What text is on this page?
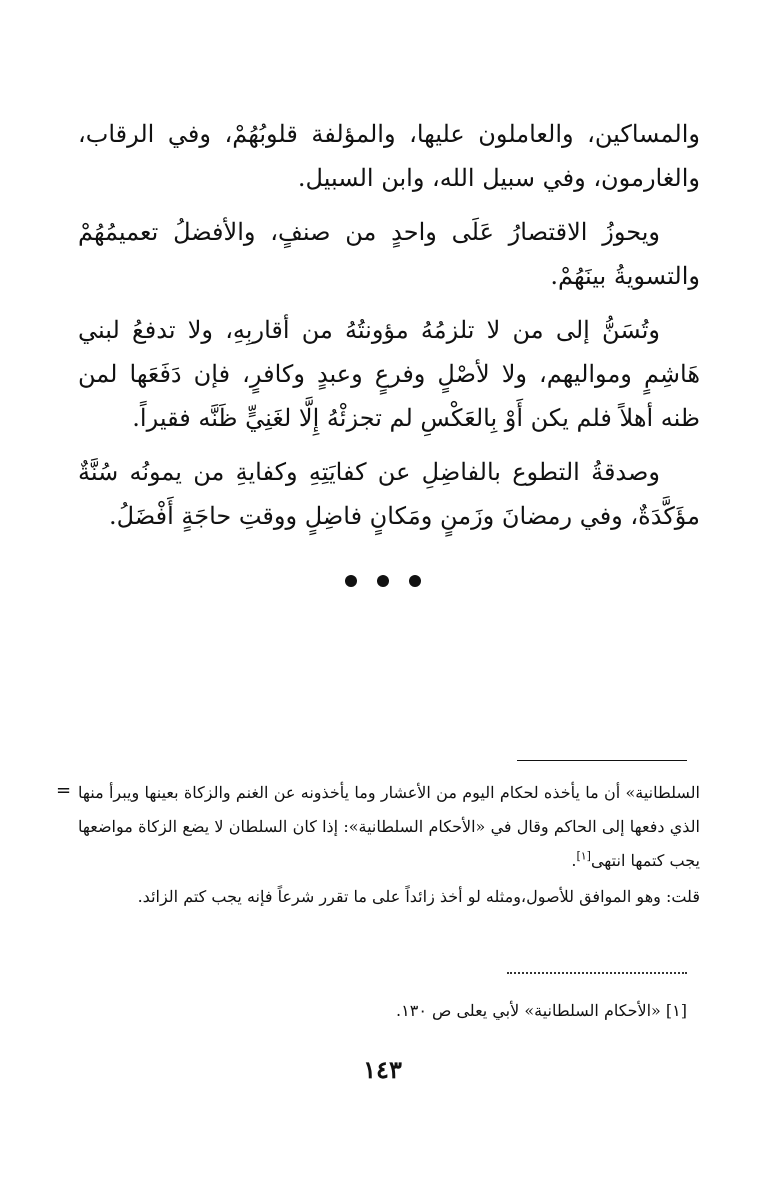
والمساكين، والعاملون عليها، والمؤلفة قلوبُهُمْ، وفي الرقاب، والغارمون، وفي سبيل الله، وابن السبيل.

ويحوزُ الاقتصارُ عَلَى واحدٍ من صنفٍ، والأفضلُ تعميمُهُمْ والتسويةُ بينَهُمْ.

وتُسَنُّ إلى من لا تلزمُهُ مؤونتُهُ من أقاربِهِ، ولا تدفعُ لبني هَاشِمٍ ومواليهم، ولا لأصْلٍ وفرعٍ وعبدٍ وكافرٍ، فإن دَفَعَها لمن ظنه أهلاً فلم يكن أَوْ بِالعَكْسِ لم تجزئْهُ إِلَّا لغَنِيٍّ ظَنَّه فقيراً.

وصدقةُ التطوع بالفاضِلِ عن كفايَتِهِ وكفايةِ من يمونُه سُنَّةٌ مؤَكَّدَةٌ، وفي رمضانَ وزَمنٍ ومَكانٍ فاضِلٍ ووقتِ حاجَةٍ أَفْضَلُ.

= السلطانية» أن ما يأخذه لحكام اليوم من الأعشار وما يأخذونه عن الغنم والزكاة بعينها ويبرأ منها الذي دفعها إلى الحاكم وقال في «الأحكام السلطانية»: إذا كان السلطان لا يضع الزكاة مواضعها يجب كتمها انتهى[١].

قلت: وهو الموافق للأصول،ومثله لو أخذ زائداً على ما تقرر شرعاً فإنه يجب كتم الزائد.

[١] «الأحكام السلطانية» لأبي يعلى ص ١٣٠.

١٤٣
